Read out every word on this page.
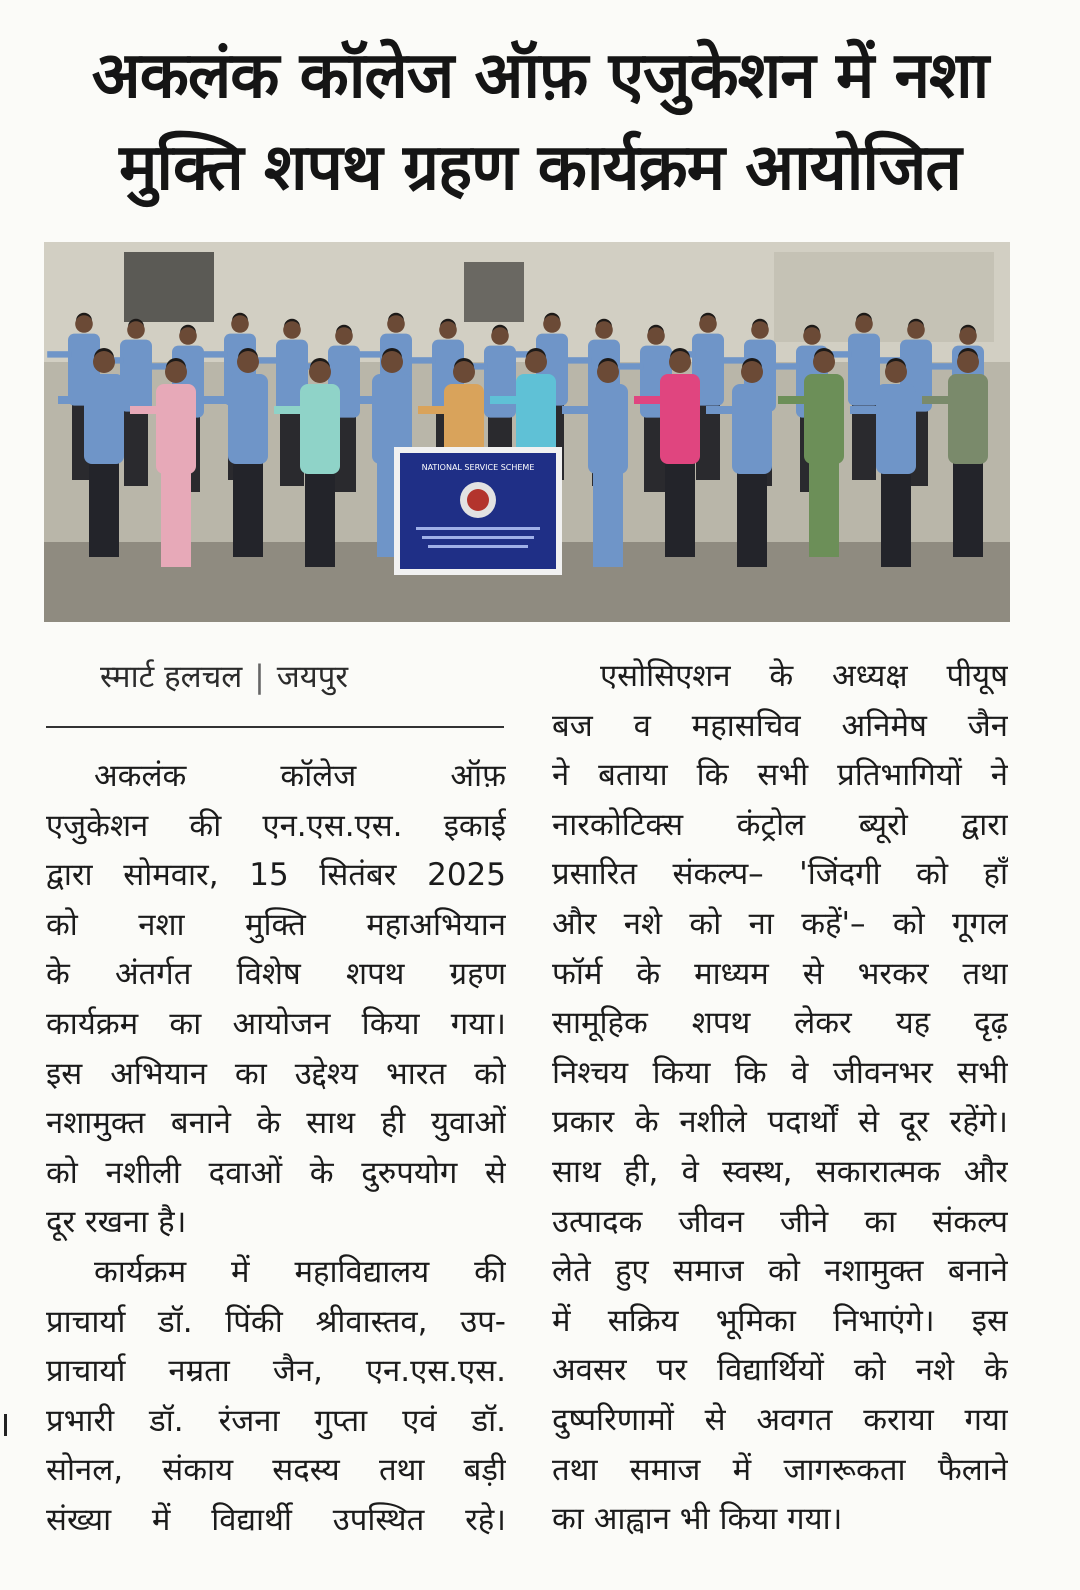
अकलंक कॉलेज ऑफ़ एजुकेशन में नशा
मुक्ति शपथ ग्रहण कार्यक्रम आयोजित
NATIONAL SERVICE SCHEME
स्मार्ट हलचल | जयपुर
अकलंक कॉलेज ऑफ़
एजुकेशन की एन.एस.एस. इकाई
द्वारा सोमवार, 15 सितंबर 2025
को नशा मुक्ति महाअभियान
के अंतर्गत विशेष शपथ ग्रहण
कार्यक्रम का आयोजन किया गया।
इस अभियान का उद्देश्य भारत को
नशामुक्त बनाने के साथ ही युवाओं
को नशीली दवाओं के दुरुपयोग से
दूर रखना है।
कार्यक्रम में महाविद्यालय की
प्राचार्या डॉ. पिंकी श्रीवास्तव, उप-
प्राचार्या नम्रता जैन, एन.एस.एस.
प्रभारी डॉ. रंजना गुप्ता एवं डॉ.
सोनल, संकाय सदस्य तथा बड़ी
संख्या में विद्यार्थी उपस्थित रहे।
एसोसिएशन के अध्यक्ष पीयूष
बज व महासचिव अनिमेष जैन
ने बताया कि सभी प्रतिभागियों ने
नारकोटिक्स कंट्रोल ब्यूरो द्वारा
प्रसारित संकल्प– 'जिंदगी को हाँ
और नशे को ना कहें'– को गूगल
फॉर्म के माध्यम से भरकर तथा
सामूहिक शपथ लेकर यह दृढ़
निश्चय किया कि वे जीवनभर सभी
प्रकार के नशीले पदार्थों से दूर रहेंगे।
साथ ही, वे स्वस्थ, सकारात्मक और
उत्पादक जीवन जीने का संकल्प
लेते हुए समाज को नशामुक्त बनाने
में सक्रिय भूमिका निभाएंगे। इस
अवसर पर विद्यार्थियों को नशे के
दुष्परिणामों से अवगत कराया गया
तथा समाज में जागरूकता फैलाने
का आह्वान भी किया गया।
